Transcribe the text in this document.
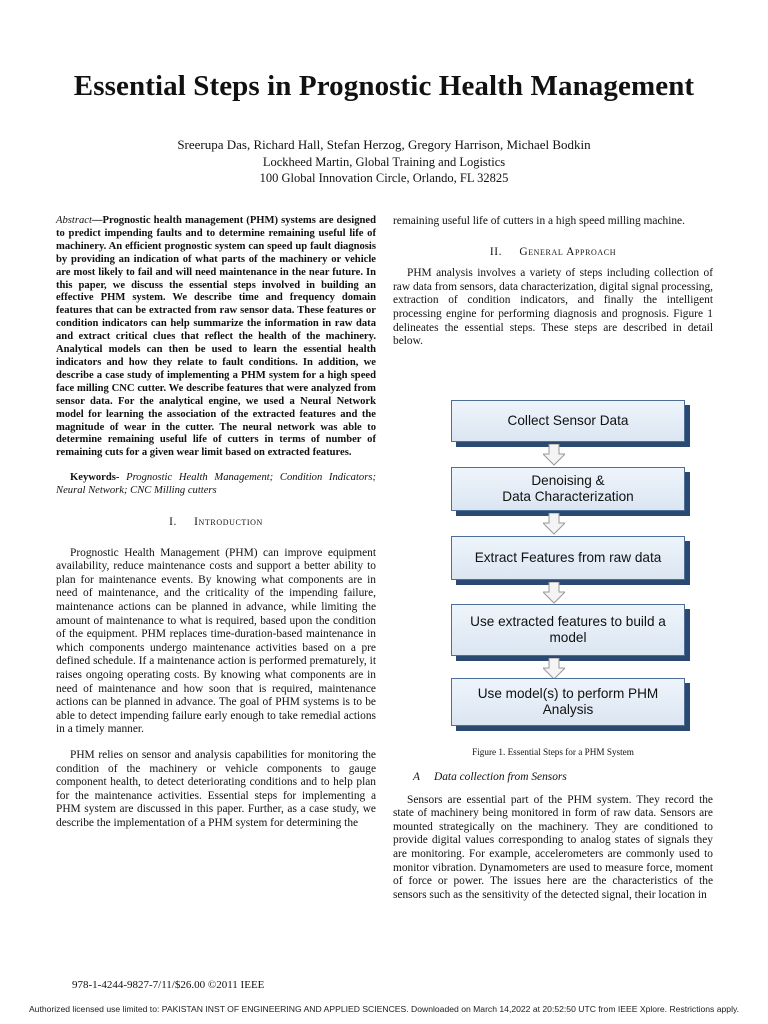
Essential Steps in Prognostic Health Management
Sreerupa Das, Richard Hall, Stefan Herzog, Gregory Harrison, Michael Bodkin
Lockheed Martin, Global Training and Logistics
100 Global Innovation Circle, Orlando, FL 32825

Abstract—Prognostic health management (PHM) systems are designed to predict impending faults and to determine remaining useful life of machinery. An efficient prognostic system can speed up fault diagnosis by providing an indication of what parts of the machinery or vehicle are most likely to fail and will need maintenance in the near future. In this paper, we discuss the essential steps involved in building an effective PHM system. We describe time and frequency domain features that can be extracted from raw sensor data. These features or condition indicators can help summarize the information in raw data and extract critical clues that reflect the health of the machinery. Analytical models can then be used to learn the essential health indicators and how they relate to fault conditions. In addition, we describe a case study of implementing a PHM system for a high speed face milling CNC cutter. We describe features that were analyzed from sensor data. For the analytical engine, we used a Neural Network model for learning the association of the extracted features and the magnitude of wear in the cutter. The neural network was able to determine remaining useful life of cutters in terms of number of remaining cuts for a given wear limit based on extracted features.

Keywords- Prognostic Health Management; Condition Indicators; Neural Network; CNC Milling cutters

I.     Introduction

Prognostic Health Management (PHM) can improve equipment availability, reduce maintenance costs and support a better ability to plan for maintenance events. By knowing what components are in need of maintenance, and the criticality of the impending failure, maintenance actions can be planned in advance, while limiting the amount of maintenance to what is required, based upon the condition of the equipment. PHM replaces time-duration-based maintenance in which components undergo maintenance activities based on a pre defined schedule. If a maintenance action is performed prematurely, it raises ongoing operating costs. By knowing what components are in need of maintenance and how soon that is required, maintenance actions can be planned in advance. The goal of PHM systems is to be able to detect impending failure early enough to take remedial actions in a timely manner.

PHM relies on sensor and analysis capabilities for monitoring the condition of the machinery or vehicle components to gauge component health, to detect deteriorating conditions and to help plan for the maintenance activities. Essential steps for implementing a PHM system are discussed in this paper. Further, as a case study, we describe the implementation of a PHM system for determining the

remaining useful life of cutters in a high speed milling machine.

II.     General Approach

PHM analysis involves a variety of steps including collection of raw data from sensors, data characterization, digital signal processing, extraction of condition indicators, and finally the intelligent processing engine for performing diagnosis and prognosis. Figure 1 delineates the essential steps. These steps are described in detail below.

Collect Sensor Data
Denoising &
Data Characterization
Extract Features from raw data
Use extracted features to build a model
Use model(s) to perform PHM Analysis
Figure 1. Essential Steps for a PHM System
A     Data collection from Sensors

Sensors are essential part of the PHM system. They record the state of machinery being monitored in form of raw data. Sensors are mounted strategically on the machinery. They are conditioned to provide digital values corresponding to analog states of signals they are monitoring. For example, accelerometers are commonly used to monitor vibration. Dynamometers are used to measure force, moment of force or power. The issues here are the characteristics of the sensors such as the sensitivity of the detected signal, their location in

978-1-4244-9827-7/11/$26.00 ©2011 IEEE
Authorized licensed use limited to: PAKISTAN INST OF ENGINEERING AND APPLIED SCIENCES. Downloaded on March 14,2022 at 20:52:50 UTC from IEEE Xplore. Restrictions apply.
